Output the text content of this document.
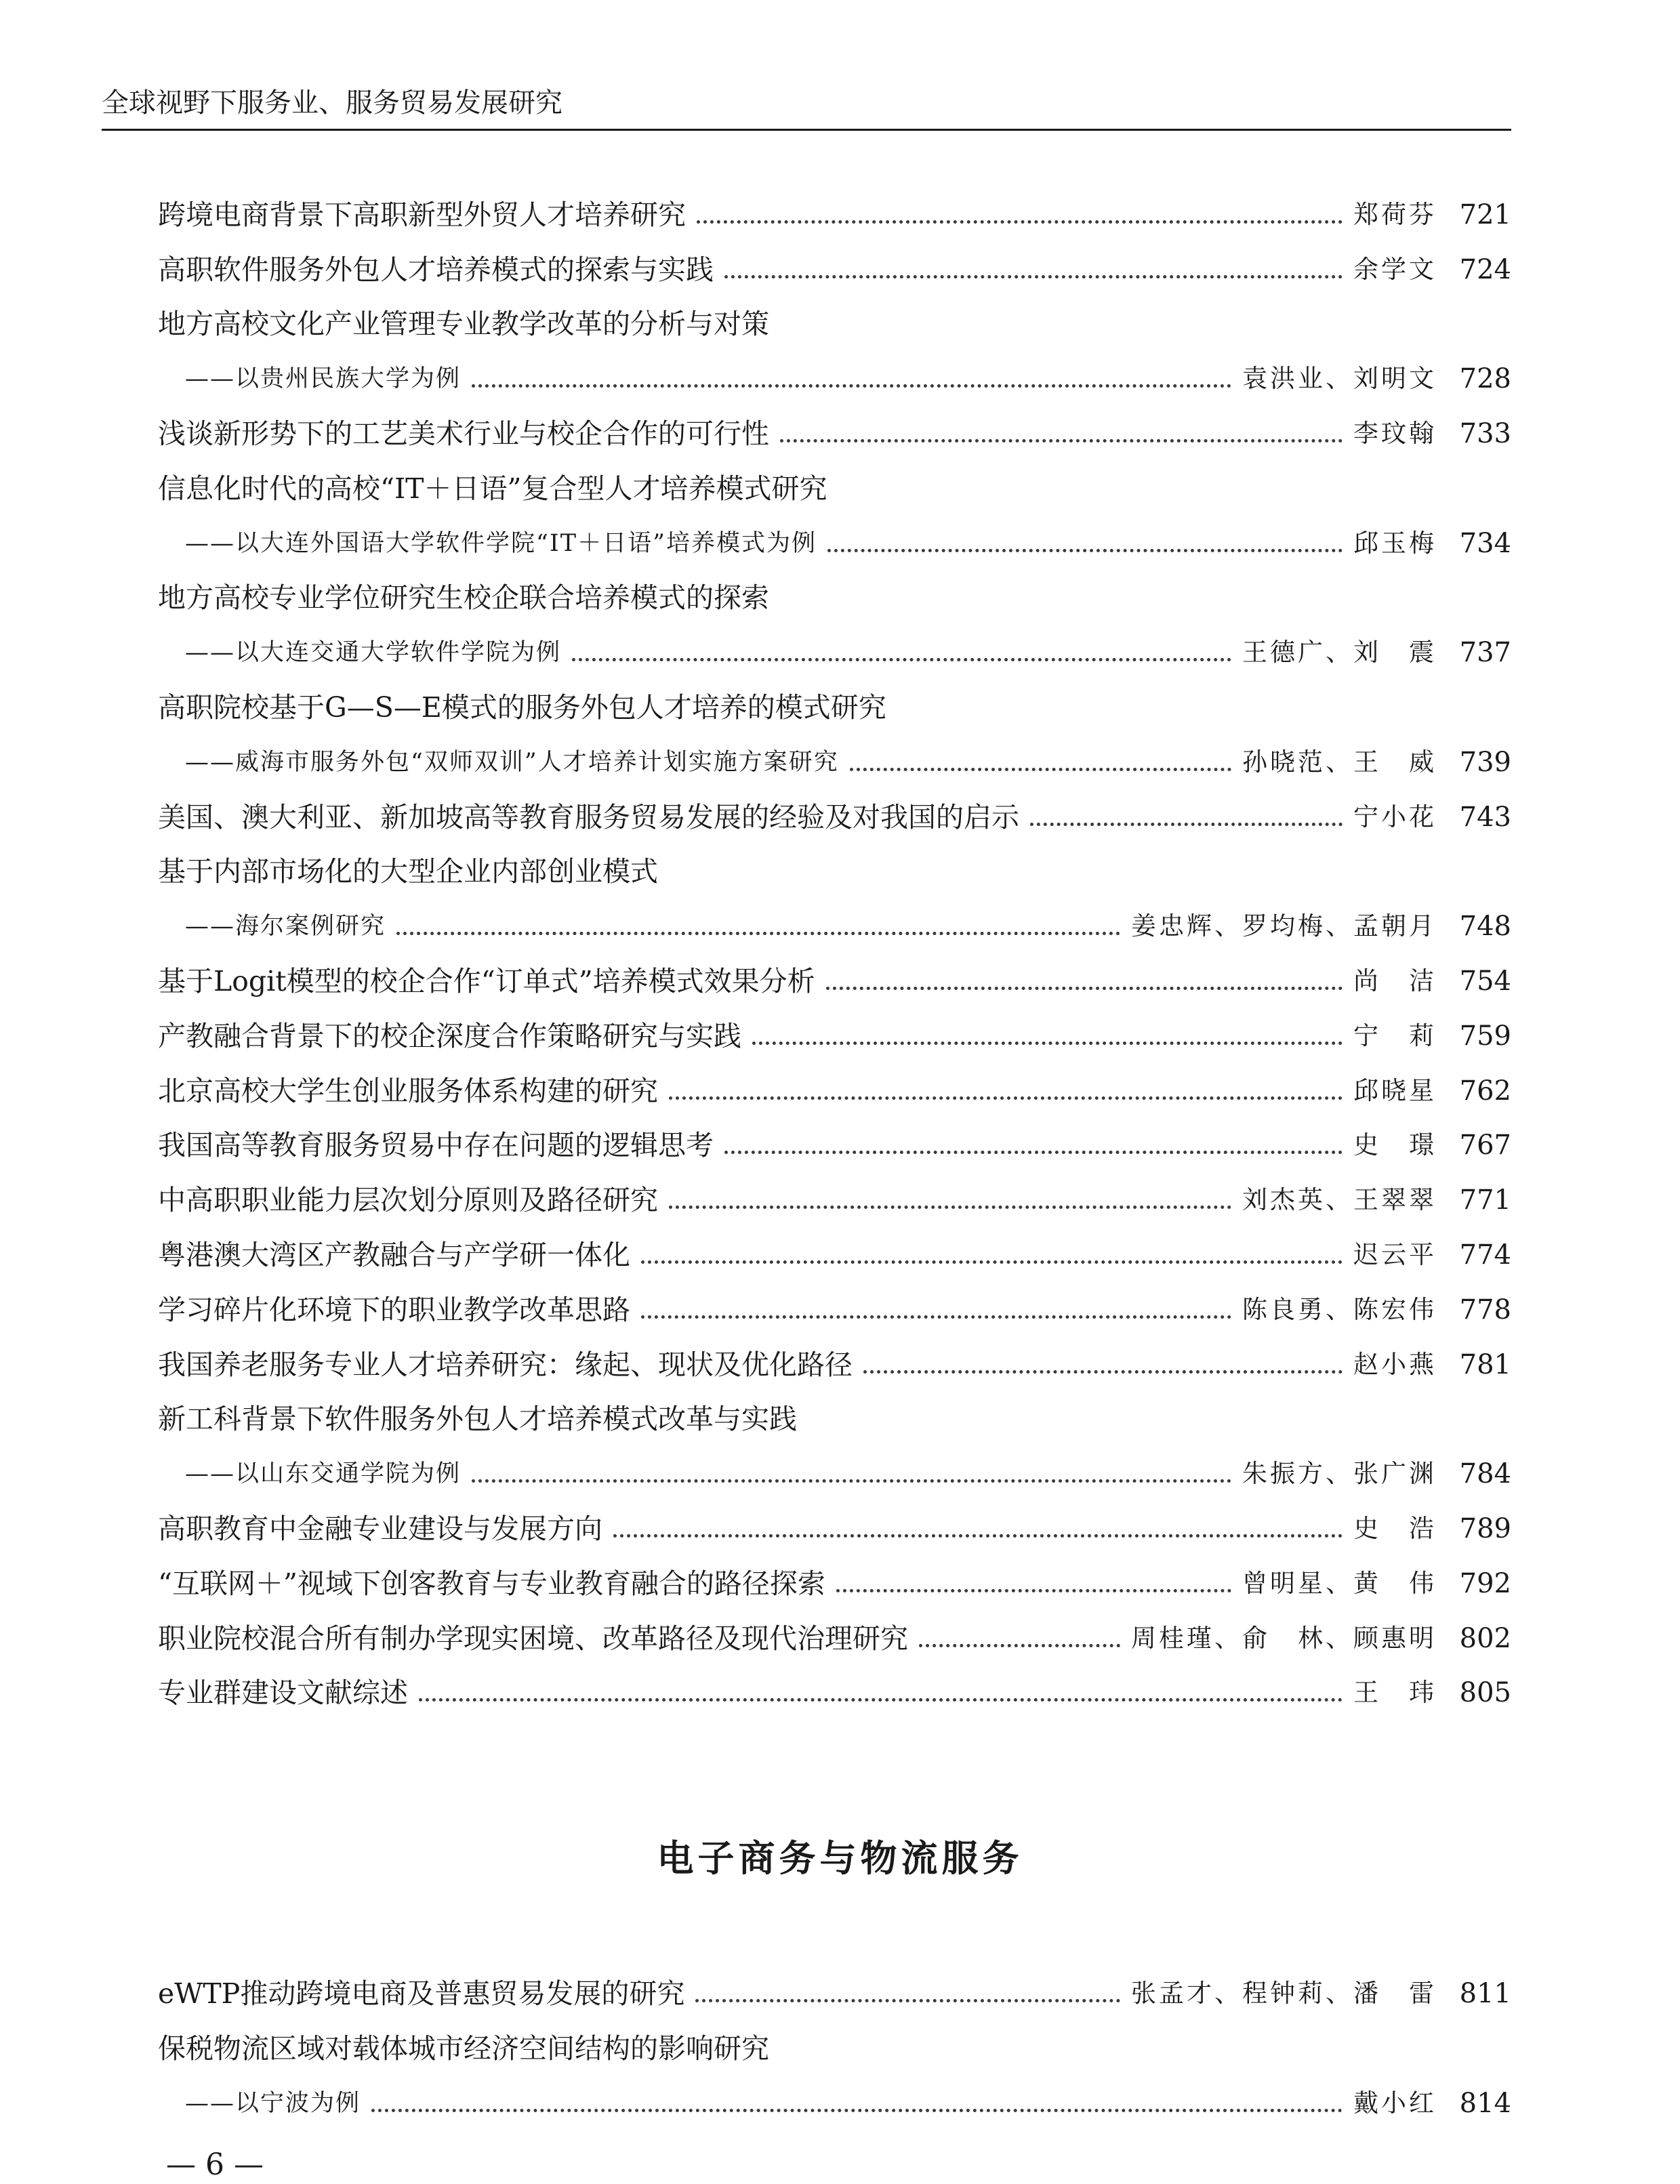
全球视野下服务业、服务贸易发展研究
跨境电商背景下高职新型外贸人才培养研究	郑荷芬 721
高职软件服务外包人才培养模式的探索与实践	余学文 724
地方高校文化产业管理专业教学改革的分析与对策
——以贵州民族大学为例	袁洪业、刘明文 728
浅谈新形势下的工艺美术行业与校企合作的可行性	李玟翰 733
信息化时代的高校“IT＋日语”复合型人才培养模式研究
——以大连外国语大学软件学院“IT＋日语”培养模式为例	邱玉梅 734
地方高校专业学位研究生校企联合培养模式的探索
——以大连交通大学软件学院为例	王德广、刘　震 737
高职院校基于G—S—E模式的服务外包人才培养的模式研究
——威海市服务外包“双师双训”人才培养计划实施方案研究	孙晓范、王　威 739
美国、澳大利亚、新加坡高等教育服务贸易发展的经验及对我国的启示	宁小花 743
基于内部市场化的大型企业内部创业模式
——海尔案例研究	姜忠辉、罗均梅、孟朝月 748
基于Logit模型的校企合作“订单式”培养模式效果分析	尚　洁 754
产教融合背景下的校企深度合作策略研究与实践	宁　莉 759
北京高校大学生创业服务体系构建的研究	邱晓星 762
我国高等教育服务贸易中存在问题的逻辑思考	史　璟 767
中高职职业能力层次划分原则及路径研究	刘杰英、王翠翠 771
粤港澳大湾区产教融合与产学研一体化	迟云平 774
学习碎片化环境下的职业教学改革思路	陈良勇、陈宏伟 778
我国养老服务专业人才培养研究：缘起、现状及优化路径	赵小燕 781
新工科背景下软件服务外包人才培养模式改革与实践
——以山东交通学院为例	朱振方、张广渊 784
高职教育中金融专业建设与发展方向	史　浩 789
“互联网＋”视域下创客教育与专业教育融合的路径探索	曾明星、黄　伟 792
职业院校混合所有制办学现实困境、改革路径及现代治理研究	周桂瑾、俞　林、顾惠明 802
专业群建设文献综述	王　玮 805
电子商务与物流服务
eWTP推动跨境电商及普惠贸易发展的研究	张孟才、程钟莉、潘　雷 811
保税物流区域对载体城市经济空间结构的影响研究
——以宁波为例	戴小红 814
— 6 —
